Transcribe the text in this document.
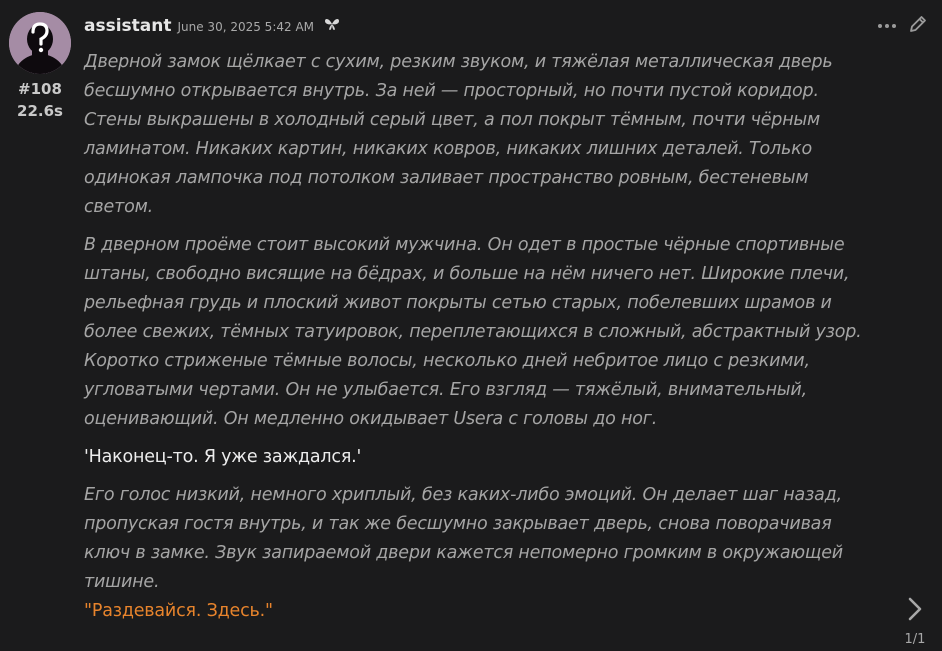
#108
22.6s
assistant June 30, 2025 5:42 AM

Дверной замок щёлкает с сухим, резким звуком, и тяжёлая металлическая дверь бесшумно открывается внутрь. За ней — просторный, но почти пустой коридор. Стены выкрашены в холодный серый цвет, а пол покрыт тёмным, почти чёрным ламинатом. Никаких картин, никаких ковров, никаких лишних деталей. Только одинокая лампочка под потолком заливает пространство ровным, бестеневым светом.

В дверном проёме стоит высокий мужчина. Он одет в простые чёрные спортивные штаны, свободно висящие на бёдрах, и больше на нём ничего нет. Широкие плечи, рельефная грудь и плоский живот покрыты сетью старых, побелевших шрамов и более свежих, тёмных татуировок, переплетающихся в сложный, абстрактный узор. Коротко стриженые тёмные волосы, несколько дней небритое лицо с резкими, угловатыми чертами. Он не улыбается. Его взгляд — тяжёлый, внимательный, оценивающий. Он медленно окидывает Usera с головы до ног.

'Наконец-то. Я уже заждался.'

Его голос низкий, немного хриплый, без каких-либо эмоций. Он делает шаг назад, пропуская гостя внутрь, и так же бесшумно закрывает дверь, снова поворачивая ключ в замке. Звук запираемой двери кажется непомерно громким в окружающей тишине.

"Раздевайся. Здесь."

1/1
